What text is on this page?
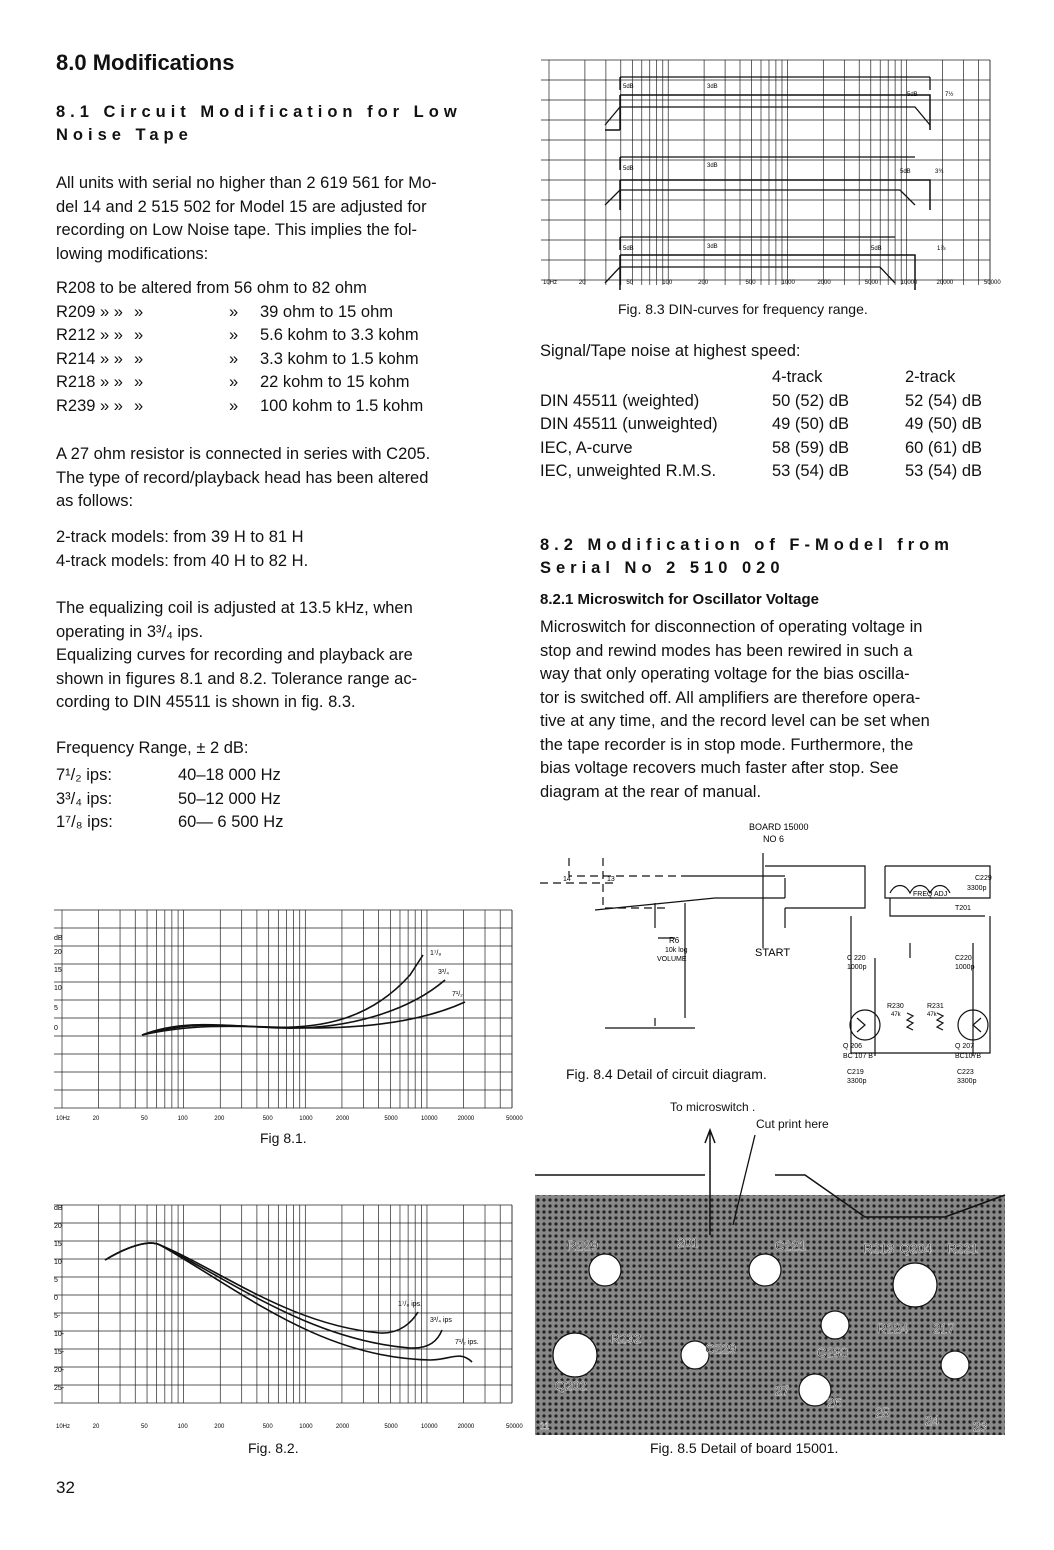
8.0 Modifications
8.1 Circuit Modification for Low
Noise Tape
All units with serial no higher than 2 619 561 for Mo-
del 14 and 2 515 502 for Model 15 are adjusted for
recording on Low Noise tape. This implies the fol-
lowing modifications:
R208 to be altered from 56 ohm to 82 ohm
R209 » » »	»	39 ohm to 15 ohm
R212 » » »	»	5.6 kohm to 3.3 kohm
R214 » » »	»	3.3 kohm to 1.5 kohm
R218 » » »	»	22 kohm to 15 kohm
R239 » » »	»	100 kohm to 1.5 kohm
A 27 ohm resistor is connected in series with C205.
The type of record/playback head has been altered
as follows:
2-track models: from 39 H to 81 H
4-track models: from 40 H to 82 H.
The equalizing coil is adjusted at 13.5 kHz, when
operating in 3³/₄ ips.
Equalizing curves for recording and playback are
shown in figures 8.1 and 8.2. Tolerance range ac-
cording to DIN 45511 is shown in fig. 8.3.
Frequency Range, ± 2 dB:
7¹/₂ ips:	40–18 000 Hz
3³/₄ ips:	50–12 000 Hz
1⁷/₈ ips:	60— 6 500 Hz
dB
20
15
10
5
0
1⁷/₈
3³/₄
7¹/₂
10Hz	20	50	100	200	500	1000	2000	5000	10000	20000	50000
Fig 8.1.
dB
20
15
10
5
0
5-
10-
15-
20-
25-
1⁷/₈ ips.
3³/₄ ips
7¹/₂ ips.
10Hz	20	50	100	200	500	1000	2000	5000	10000	20000	50000
Fig. 8.2.
32
5dB	3dB
5dB	7½
5dB	3dB
5dB	3¾
5dB	3dB	5dB	1⅞
10Hz	20	50	100	200	500	1000	2000	5000	10000	20000	50000
Fig. 8.3 DIN-curves for frequency range.
Signal/Tape noise at highest speed:
4-track	2-track
DIN 45511 (weighted)	50 (52) dB	52 (54) dB
DIN 45511 (unweighted)	49 (50) dB	49 (50) dB
IEC, A-curve	58 (59) dB	60 (61) dB
IEC, unweighted R.M.S.	53 (54) dB	53 (54) dB
8.2 Modification of F-Model from
Serial No 2 510 020
8.2.1 Microswitch for Oscillator Voltage
Microswitch for disconnection of operating voltage in
stop and rewind modes has been rewired in such a
way that only operating voltage for the bias oscilla-
tor is switched off. All amplifiers are therefore opera-
tive at any time, and the record level can be set when
the tape recorder is in stop mode. Furthermore, the
bias voltage recovers much faster after stop. See
diagram at the rear of manual.
BOARD 15000
NO 6
START
14	13
R6
10k log
VOLUME
FREQ ADJ
C229
3300p
T201
C 220
1000p
C220
1000p
R230
47k
R231
47k
Q 206
BC 107 B
Q 207
BC107B
C219
3300p
C223
3300p
Fig. 8.4 Detail of circuit diagram.
To microswitch .
Cut print here
R229	201	C221	R213 Q204 R221
R232
C229	C230
R224 217
Q202	27
26
25
24	23
11
Fig. 8.5 Detail of board 15001.
